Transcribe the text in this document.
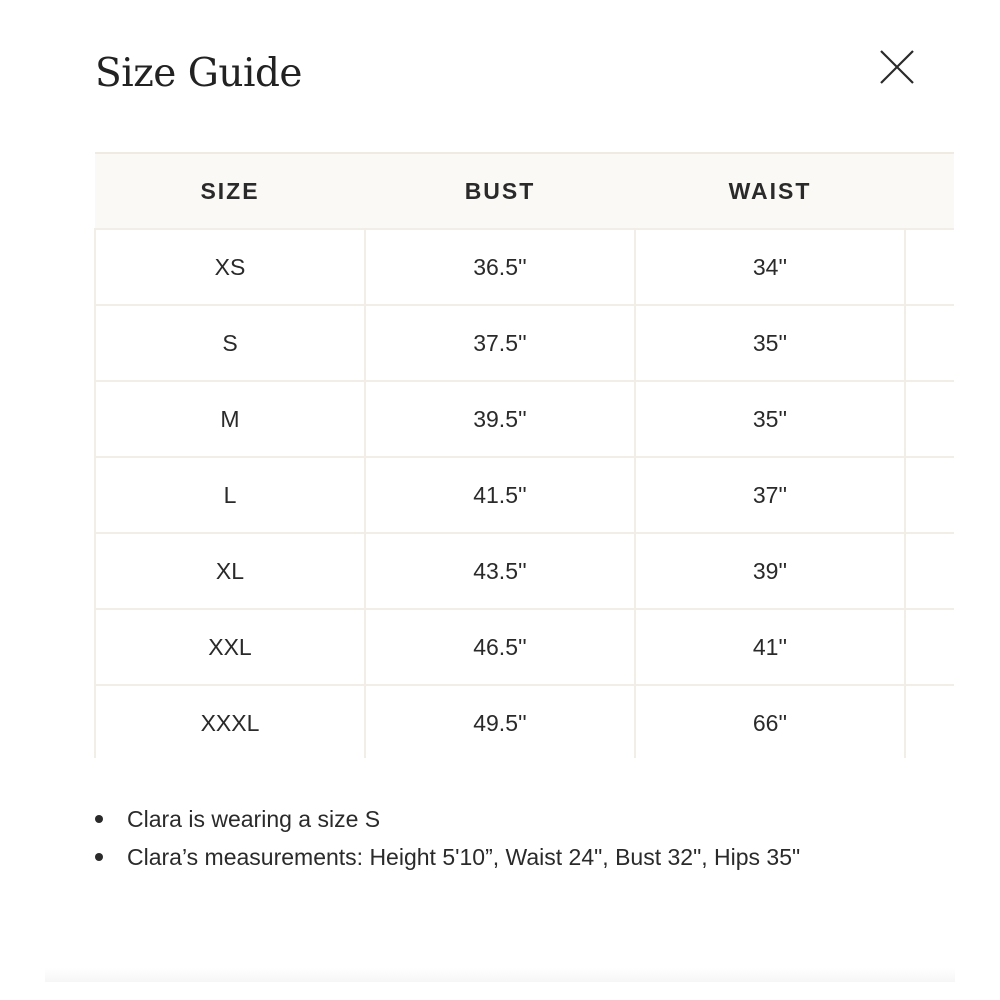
Size Guide
SIZE	BUST	WAIST	
XS	36.5''	34''	
S	37.5''	35''	
M	39.5''	35''	
L	41.5''	37''	
XL	43.5''	39''	
XXL	46.5''	41''	
XXXL	49.5''	66''	
Clara is wearing a size S
Clara’s measurements: Height 5'10”, Waist 24", Bust 32", Hips 35"
